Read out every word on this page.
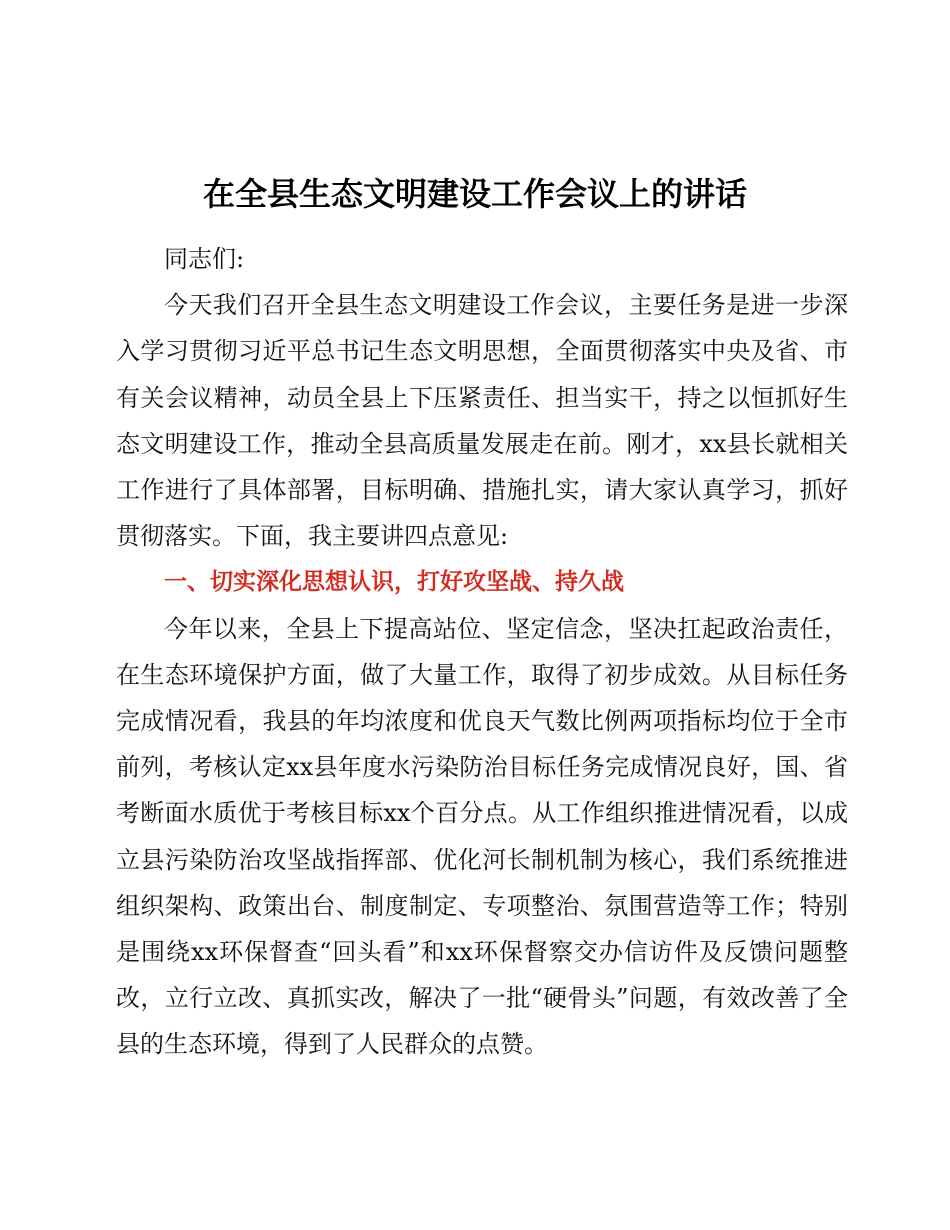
在全县生态文明建设工作会议上的讲话

同志们:

今天我们召开全县生态文明建设工作会议，主要任务是进一步深入学习贯彻习近平总书记生态文明思想，全面贯彻落实中央及省、市有关会议精神，动员全县上下压紧责任、担当实干，持之以恒抓好生态文明建设工作，推动全县高质量发展走在前。刚才，xx县长就相关工作进行了具体部署，目标明确、措施扎实，请大家认真学习，抓好贯彻落实。下面，我主要讲四点意见:

一、切实深化思想认识，打好攻坚战、持久战

今年以来，全县上下提高站位、坚定信念，坚决扛起政治责任，在生态环境保护方面，做了大量工作，取得了初步成效。从目标任务完成情况看，我县的年均浓度和优良天气数比例两项指标均位于全市前列，考核认定xx县年度水污染防治目标任务完成情况良好，国、省考断面水质优于考核目标xx个百分点。从工作组织推进情况看，以成立县污染防治攻坚战指挥部、优化河长制机制为核心，我们系统推进组织架构、政策出台、制度制定、专项整治、氛围营造等工作；特别是围绕xx环保督查“回头看”和xx环保督察交办信访件及反馈问题整改，立行立改、真抓实改，解决了一批“硬骨头”问题，有效改善了全县的生态环境，得到了人民群众的点赞。
